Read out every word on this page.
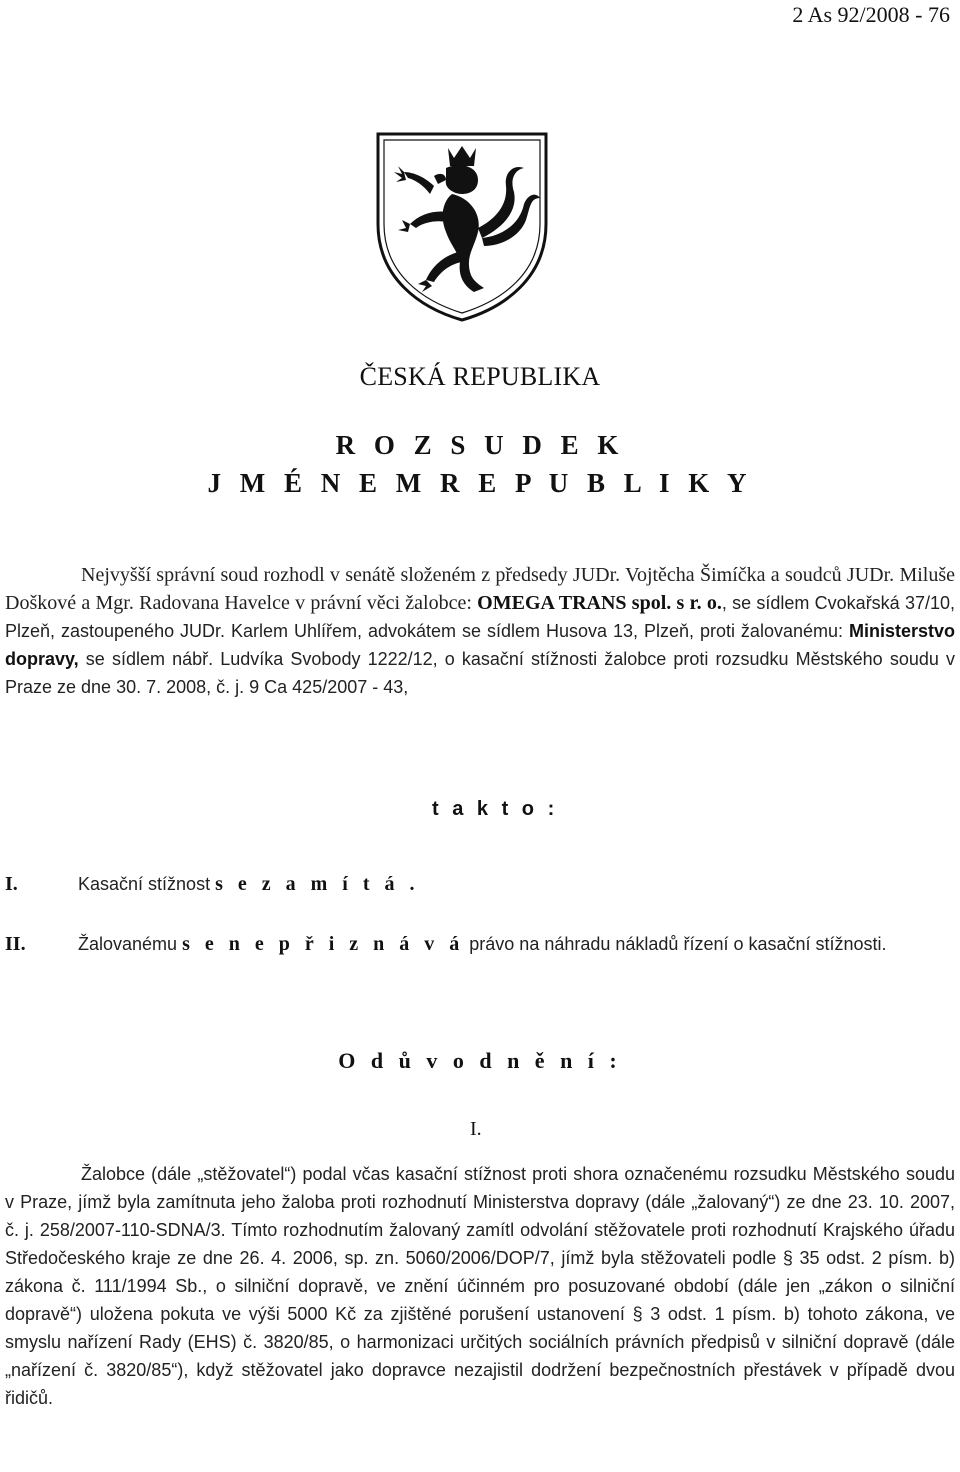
2 As 92/2008 - 76
ČESKÁ REPUBLIKA
R O Z S U D E K
J M É N E M R E P U B L I K Y
Nejvyšší správní soud rozhodl v senátě složeném z předsedy JUDr. Vojtěcha Šimíčka a soudců JUDr. Miluše Doškové a Mgr. Radovana Havelce v právní věci žalobce: OMEGA TRANS spol. s r. o., se sídlem Cvokařská 37/10, Plzeň, zastoupeného JUDr. Karlem Uhlířem, advokátem se sídlem Husova 13, Plzeň, proti žalovanému: Ministerstvo dopravy, se sídlem nábř. Ludvíka Svobody 1222/12, o kasační stížnosti žalobce proti rozsudku Městského soudu v Praze ze dne 30. 7. 2008, č. j. 9 Ca 425/2007 - 43,
t a k t o :
I.	Kasační stížnost s e z a m í t á .
II.	Žalovanému s e n e p ř i z n á v á právo na náhradu nákladů řízení o kasační stížnosti.
O d ů v o d n ě n í :
I.
Žalobce (dále „stěžovatel“) podal včas kasační stížnost proti shora označenému rozsudku Městského soudu v Praze, jímž byla zamítnuta jeho žaloba proti rozhodnutí Ministerstva dopravy (dále „žalovaný“) ze dne 23. 10. 2007, č. j. 258/2007-110-SDNA/3. Tímto rozhodnutím žalovaný zamítl odvolání stěžovatele proti rozhodnutí Krajského úřadu Středočeského kraje ze dne 26. 4. 2006, sp. zn. 5060/2006/DOP/7, jímž byla stěžovateli podle § 35 odst. 2 písm. b) zákona č. 111/1994 Sb., o silniční dopravě, ve znění účinném pro posuzované období (dále jen „zákon o silniční dopravě“) uložena pokuta ve výši 5000 Kč za zjištěné porušení ustanovení § 3 odst. 1 písm. b) tohoto zákona, ve smyslu nařízení Rady (EHS) č. 3820/85, o harmonizaci určitých sociálních právních předpisů v silniční dopravě (dále „nařízení č. 3820/85“), když stěžovatel jako dopravce nezajistil dodržení bezpečnostních přestávek v případě dvou řidičů.
